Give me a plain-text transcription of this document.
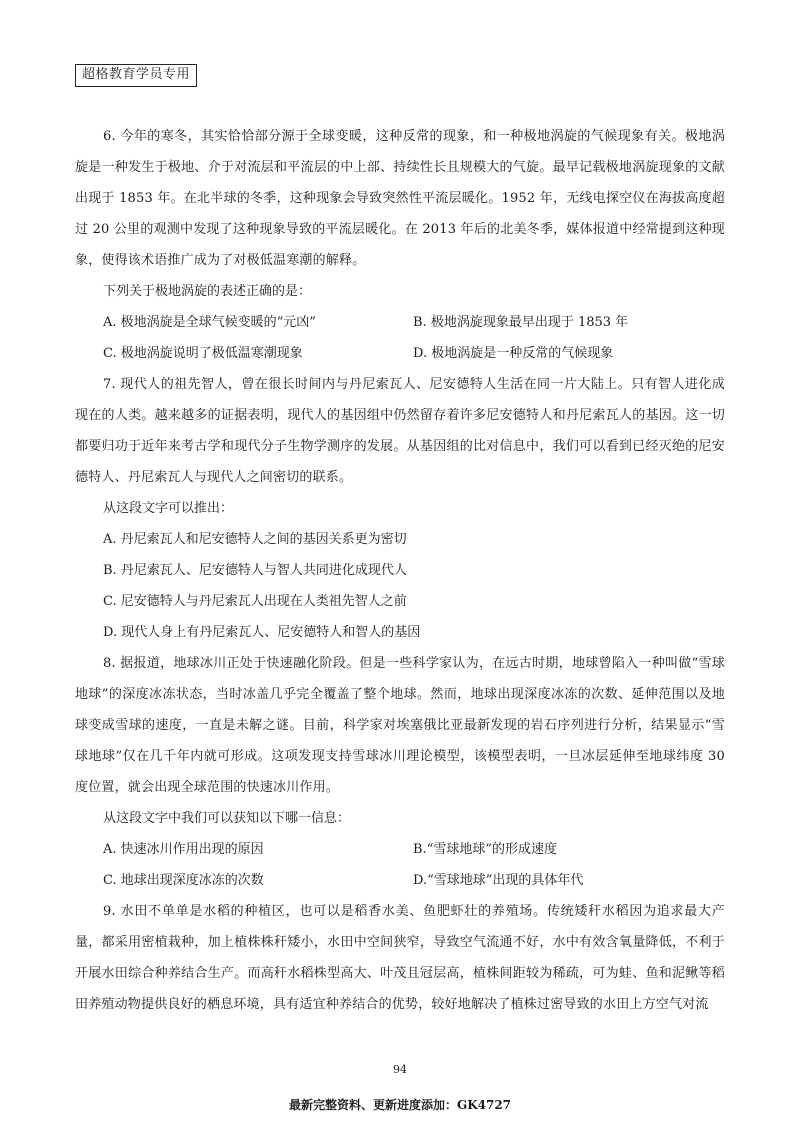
超格教育学员专用

6. 今年的寒冬，其实恰恰部分源于全球变暖，这种反常的现象，和一种极地涡旋的气候现象有关。极地涡旋是一种发生于极地、介于对流层和平流层的中上部、持续性长且规模大的气旋。最早记载极地涡旋现象的文献出现于 1853 年。在北半球的冬季，这种现象会导致突然性平流层暖化。1952 年，无线电探空仪在海拔高度超过 20 公里的观测中发现了这种现象导致的平流层暖化。在 2013 年后的北美冬季，媒体报道中经常提到这种现象，使得该术语推广成为了对极低温寒潮的解释。

下列关于极地涡旋的表述正确的是：

A. 极地涡旋是全球气候变暖的“元凶”	B. 极地涡旋现象最早出现于 1853 年
C. 极地涡旋说明了极低温寒潮现象	D. 极地涡旋是一种反常的气候现象

7. 现代人的祖先智人，曾在很长时间内与丹尼索瓦人、尼安德特人生活在同一片大陆上。只有智人进化成现在的人类。越来越多的证据表明，现代人的基因组中仍然留存着许多尼安德特人和丹尼索瓦人的基因。这一切都要归功于近年来考古学和现代分子生物学测序的发展。从基因组的比对信息中，我们可以看到已经灭绝的尼安德特人、丹尼索瓦人与现代人之间密切的联系。

从这段文字可以推出：

A. 丹尼索瓦人和尼安德特人之间的基因关系更为密切

B. 丹尼索瓦人、尼安德特人与智人共同进化成现代人

C. 尼安德特人与丹尼索瓦人出现在人类祖先智人之前

D. 现代人身上有丹尼索瓦人、尼安德特人和智人的基因

8. 据报道，地球冰川正处于快速融化阶段。但是一些科学家认为，在远古时期，地球曾陷入一种叫做“雪球地球”的深度冰冻状态，当时冰盖几乎完全覆盖了整个地球。然而，地球出现深度冰冻的次数、延伸范围以及地球变成雪球的速度，一直是未解之谜。目前，科学家对埃塞俄比亚最新发现的岩石序列进行分析，结果显示“雪球地球”仅在几千年内就可形成。这项发现支持雪球冰川理论模型，该模型表明，一旦冰层延伸至地球纬度 30 度位置，就会出现全球范围的快速冰川作用。

从这段文字中我们可以获知以下哪一信息：

A. 快速冰川作用出现的原因	B.“雪球地球”的形成速度
C. 地球出现深度冰冻的次数	D.“雪球地球”出现的具体年代

9. 水田不单单是水稻的种植区，也可以是稻香水美、鱼肥虾壮的养殖场。传统矮秆水稻因为追求最大产量，都采用密植栽种，加上植株株秆矮小，水田中空间狭窄，导致空气流通不好，水中有效含氧量降低，不利于开展水田综合种养结合生产。而高秆水稻株型高大、叶茂且冠层高，植株间距较为稀疏，可为蛙、鱼和泥鳅等稻田养殖动物提供良好的栖息环境，具有适宜种养结合的优势，较好地解决了植株过密导致的水田上方空气对流

94
最新完整资料、更新进度添加：GK4727
